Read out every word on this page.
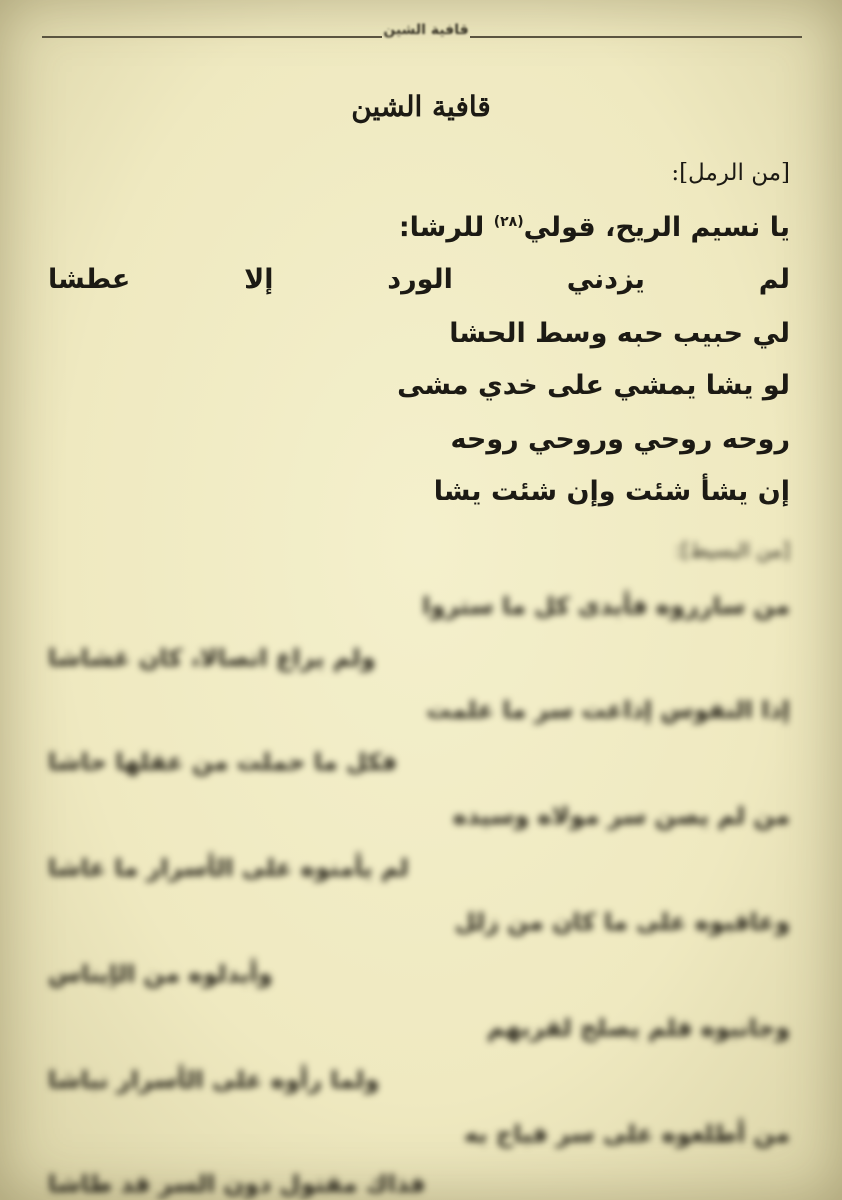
قافية الشين
قافية الشين
[من الرمل]:
يا نسيم الريح، قولي$^{(٢٨)}$ للرشا:
لم يزدني الورد إلا عطشا
لي حبيب حبه وسط الحشا
لو يشا يمشي على خدي مشى
روحه روحي وروحي روحه
إن يشأ شئت وإن شئت يشا
[من البسيط]:
من سارروه فأبدى كل ما ستروا
ولم يراع اتصالا، كان غشاشا
إذا النفوس إذاعت سر ما علمت
فكل ما حملت من عقلها حاشا
من لم يصن سر مولاه وسيده
لم يأمنوه على الأسرار ما عاشا
وعاقبوه على ما كان من زلل
وأبدلوه من الإيناس
وجانبوه فلم يصلح لقربهم
ولما رأوه على الأسرار نباشا
من أطلعوه على سر فباح به
فذاك مقتول دون السر قد طاشا
